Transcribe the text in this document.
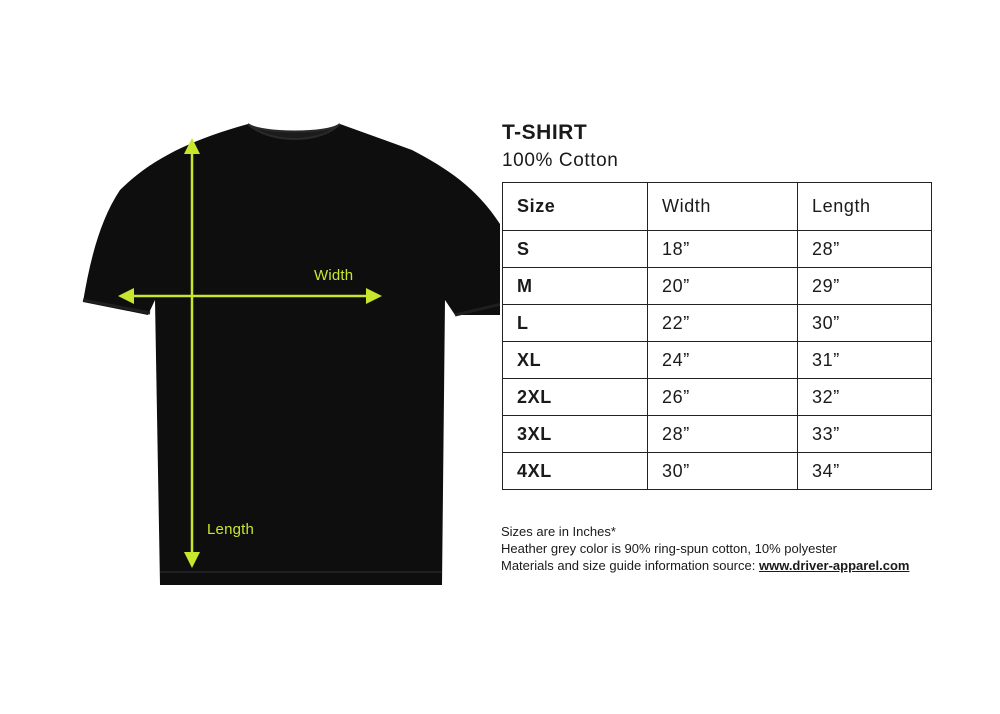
Width
Length
T-SHIRT
100% Cotton
Size	Width	Length
S	18”	28”
M	20”	29”
L	22”	30”
XL	24”	31”
2XL	26”	32”
3XL	28”	33”
4XL	30”	34”
Sizes are in Inches*
Heather grey color is 90% ring-spun cotton, 10% polyester
Materials and size guide information source: www.driver-apparel.com
